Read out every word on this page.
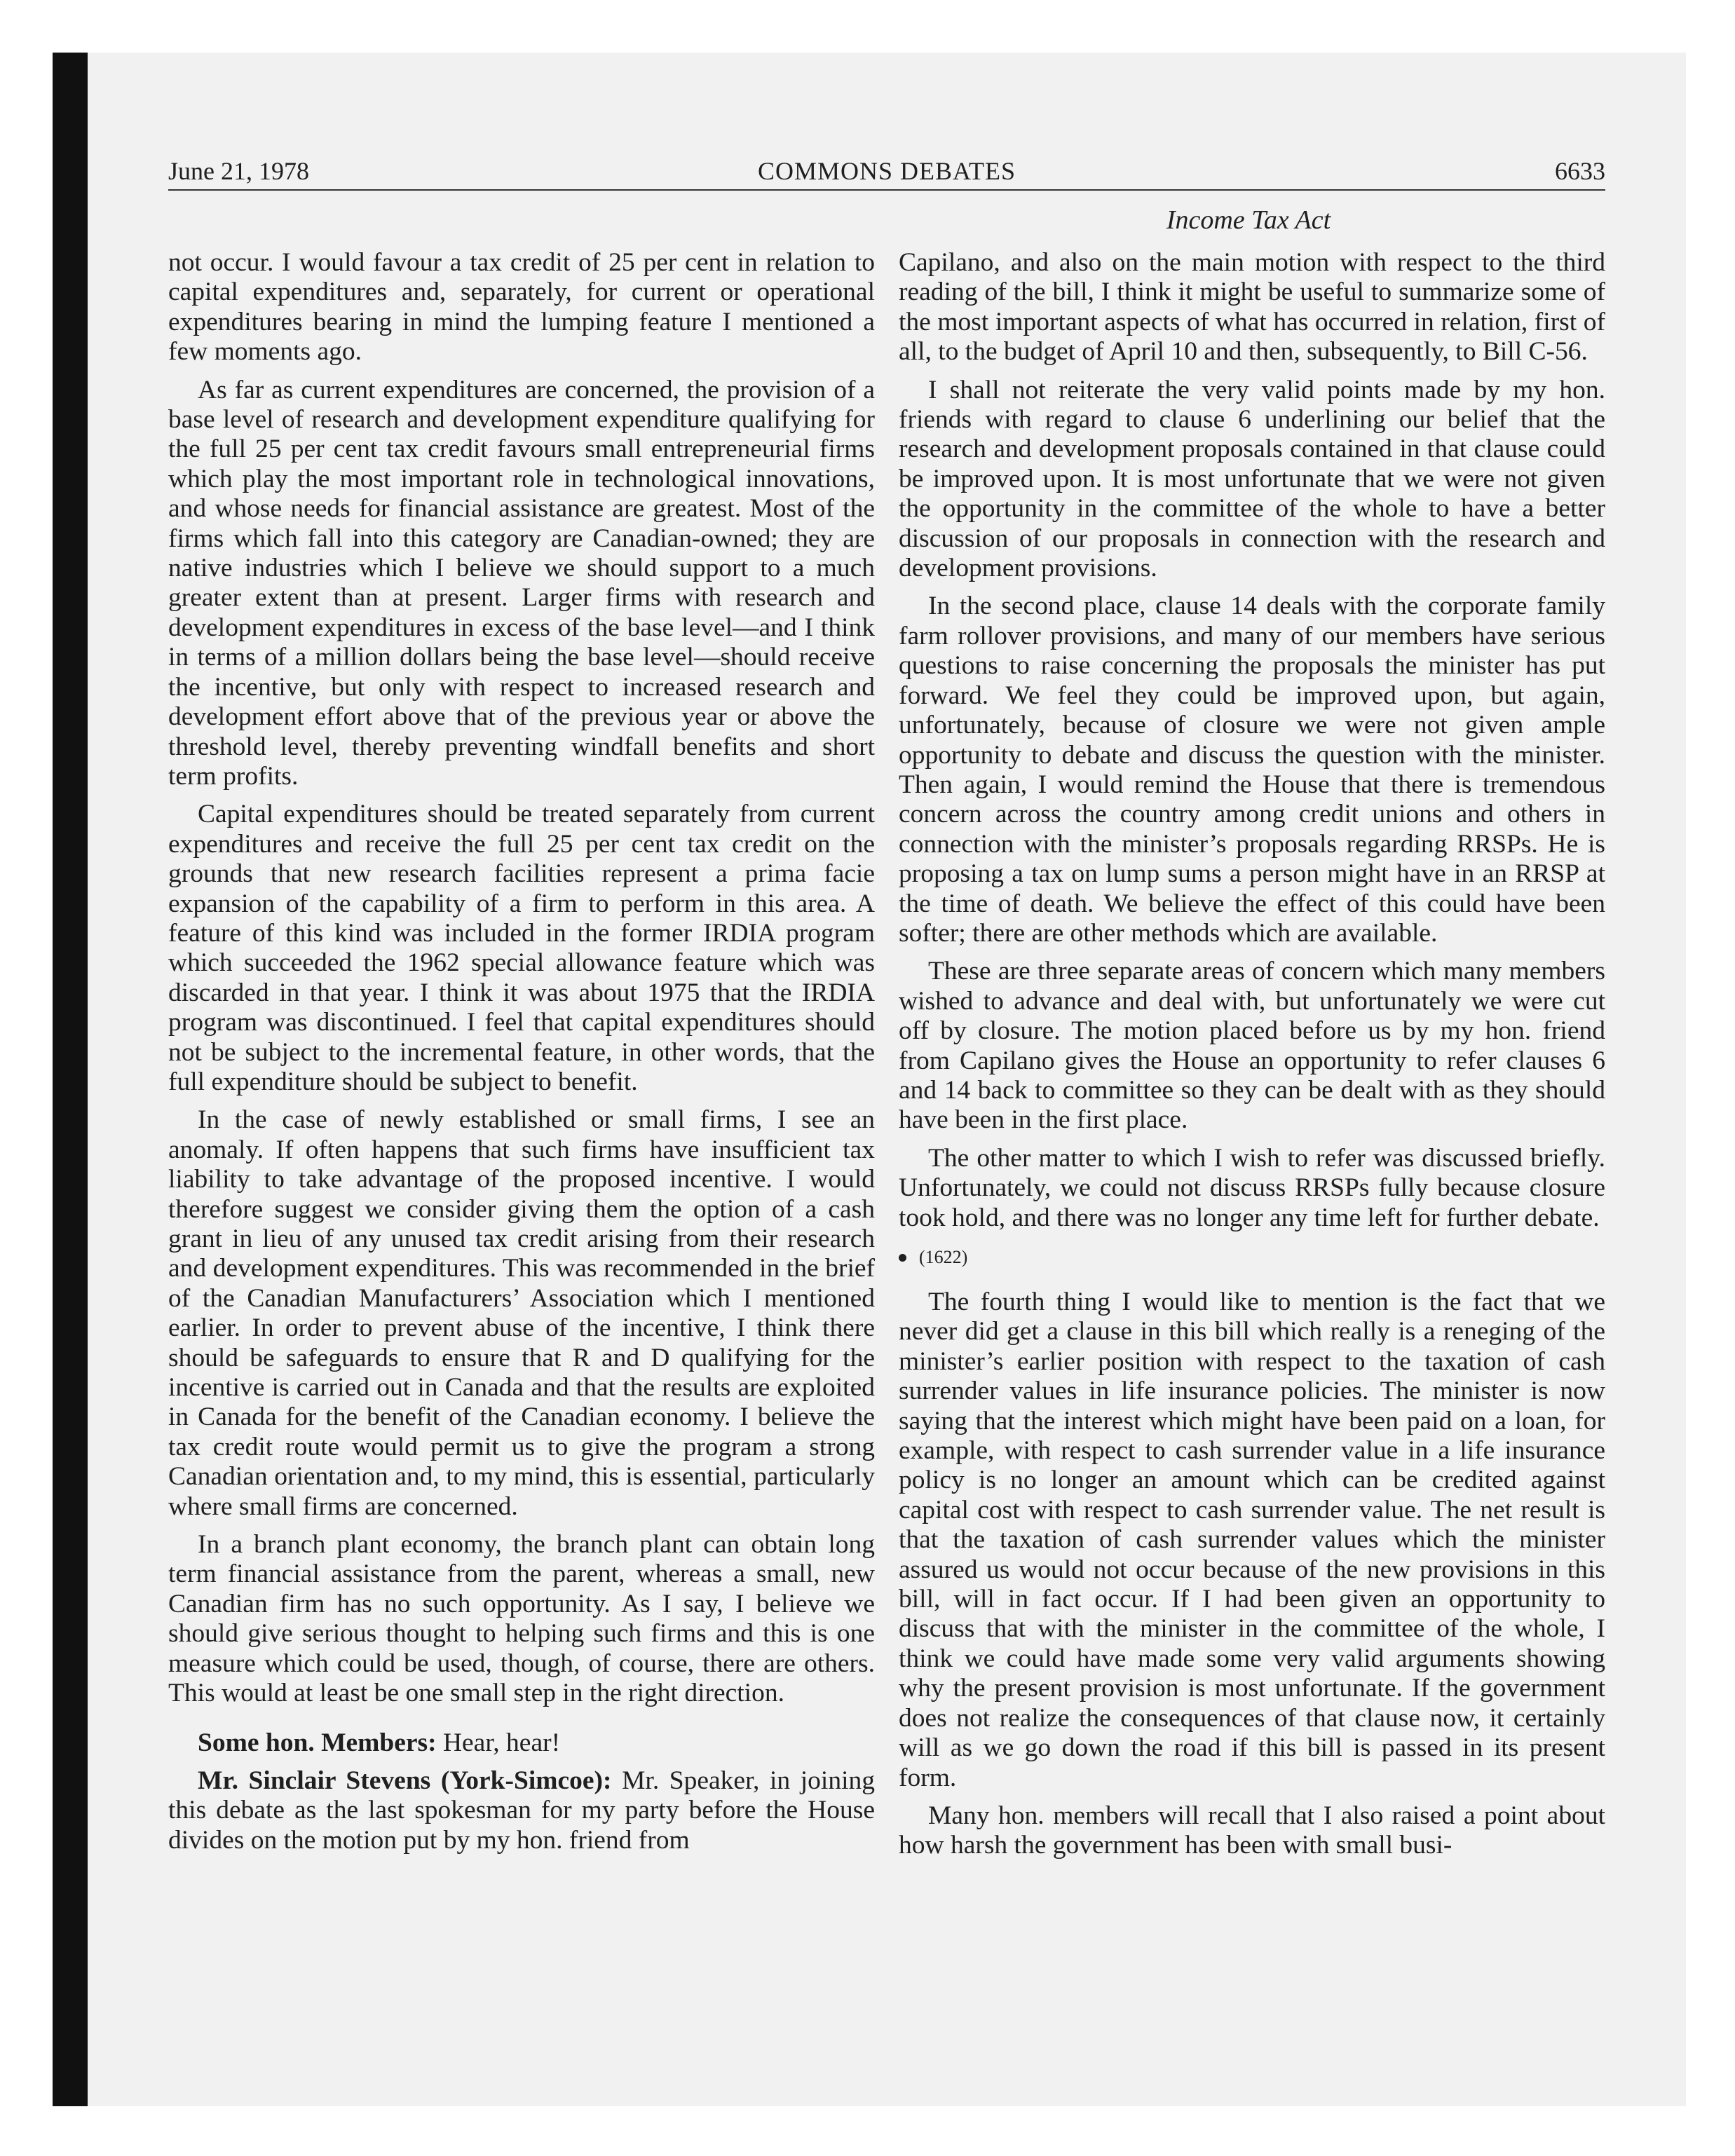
June 21, 1978	COMMONS DEBATES	6633
Income Tax Act

not occur. I would favour a tax credit of 25 per cent in relation to capital expenditures and, separately, for current or operational expenditures bearing in mind the lumping feature I mentioned a few moments ago.

As far as current expenditures are concerned, the provision of a base level of research and development expenditure qualifying for the full 25 per cent tax credit favours small entrepreneurial firms which play the most important role in technological innovations, and whose needs for financial assistance are greatest. Most of the firms which fall into this category are Canadian-owned; they are native industries which I believe we should support to a much greater extent than at present. Larger firms with research and development expenditures in excess of the base level—and I think in terms of a million dollars being the base level—should receive the incentive, but only with respect to increased research and development effort above that of the previous year or above the threshold level, thereby preventing windfall benefits and short term profits.

Capital expenditures should be treated separately from current expenditures and receive the full 25 per cent tax credit on the grounds that new research facilities represent a prima facie expansion of the capability of a firm to perform in this area. A feature of this kind was included in the former IRDIA program which succeeded the 1962 special allowance feature which was discarded in that year. I think it was about 1975 that the IRDIA program was discontinued. I feel that capital expenditures should not be subject to the incremental feature, in other words, that the full expenditure should be subject to benefit.

In the case of newly established or small firms, I see an anomaly. If often happens that such firms have insufficient tax liability to take advantage of the proposed incentive. I would therefore suggest we consider giving them the option of a cash grant in lieu of any unused tax credit arising from their research and development expenditures. This was recommended in the brief of the Canadian Manufacturers’ Association which I mentioned earlier. In order to prevent abuse of the incentive, I think there should be safeguards to ensure that R and D qualifying for the incentive is carried out in Canada and that the results are exploited in Canada for the benefit of the Canadian economy. I believe the tax credit route would permit us to give the program a strong Canadian orientation and, to my mind, this is essential, particularly where small firms are concerned.

In a branch plant economy, the branch plant can obtain long term financial assistance from the parent, whereas a small, new Canadian firm has no such opportunity. As I say, I believe we should give serious thought to helping such firms and this is one measure which could be used, though, of course, there are others. This would at least be one small step in the right direction.

Some hon. Members: Hear, hear!

Mr. Sinclair Stevens (York-Simcoe): Mr. Speaker, in joining this debate as the last spokesman for my party before the House divides on the motion put by my hon. friend from

Capilano, and also on the main motion with respect to the third reading of the bill, I think it might be useful to summarize some of the most important aspects of what has occurred in relation, first of all, to the budget of April 10 and then, subsequently, to Bill C-56.

I shall not reiterate the very valid points made by my hon. friends with regard to clause 6 underlining our belief that the research and development proposals contained in that clause could be improved upon. It is most unfortunate that we were not given the opportunity in the committee of the whole to have a better discussion of our proposals in connection with the research and development provisions.

In the second place, clause 14 deals with the corporate family farm rollover provisions, and many of our members have serious questions to raise concerning the proposals the minister has put forward. We feel they could be improved upon, but again, unfortunately, because of closure we were not given ample opportunity to debate and discuss the question with the minister. Then again, I would remind the House that there is tremendous concern across the country among credit unions and others in connection with the minister’s proposals regarding RRSPs. He is proposing a tax on lump sums a person might have in an RRSP at the time of death. We believe the effect of this could have been softer; there are other methods which are available.

These are three separate areas of concern which many members wished to advance and deal with, but unfortunately we were cut off by closure. The motion placed before us by my hon. friend from Capilano gives the House an opportunity to refer clauses 6 and 14 back to committee so they can be dealt with as they should have been in the first place.

The other matter to which I wish to refer was discussed briefly. Unfortunately, we could not discuss RRSPs fully because closure took hold, and there was no longer any time left for further debate.

(1622)

The fourth thing I would like to mention is the fact that we never did get a clause in this bill which really is a reneging of the minister’s earlier position with respect to the taxation of cash surrender values in life insurance policies. The minister is now saying that the interest which might have been paid on a loan, for example, with respect to cash surrender value in a life insurance policy is no longer an amount which can be credited against capital cost with respect to cash surrender value. The net result is that the taxation of cash surrender values which the minister assured us would not occur because of the new provisions in this bill, will in fact occur. If I had been given an opportunity to discuss that with the minister in the committee of the whole, I think we could have made some very valid arguments showing why the present provision is most unfortunate. If the government does not realize the consequences of that clause now, it certainly will as we go down the road if this bill is passed in its present form.

Many hon. members will recall that I also raised a point about how harsh the government has been with small busi-
